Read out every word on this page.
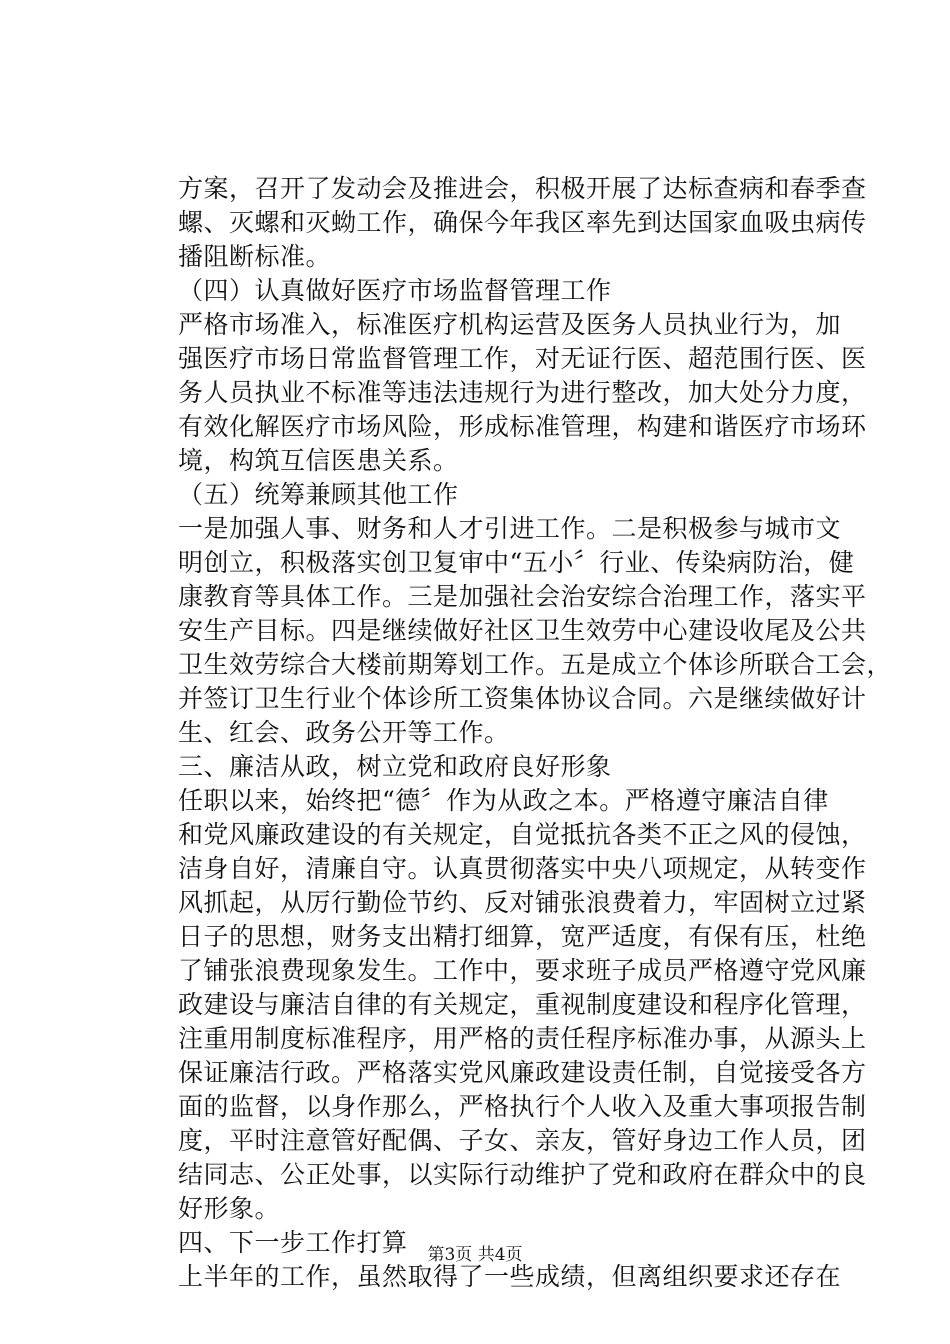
方案，召开了发动会及推进会，积极开展了达标查病和春季查
螺、灭螺和灭蚴工作，确保今年我区率先到达国家血吸虫病传
播阻断标准。
（四）认真做好医疗市场监督管理工作
严格市场准入，标准医疗机构运营及医务人员执业行为，加
强医疗市场日常监督管理工作，对无证行医、超范围行医、医
务人员执业不标准等违法违规行为进行整改，加大处分力度，
有效化解医疗市场风险，形成标准管理，构建和谐医疗市场环
境，构筑互信医患关系。
（五）统筹兼顾其他工作
一是加强人事、财务和人才引进工作。二是积极参与城市文
明创立，积极落实创卫复审中“五小〞行业、传染病防治，健
康教育等具体工作。三是加强社会治安综合治理工作，落实平
安生产目标。四是继续做好社区卫生效劳中心建设收尾及公共
卫生效劳综合大楼前期筹划工作。五是成立个体诊所联合工会，
并签订卫生行业个体诊所工资集体协议合同。六是继续做好计
生、红会、政务公开等工作。
三、廉洁从政，树立党和政府良好形象
任职以来，始终把“德〞作为从政之本。严格遵守廉洁自律
和党风廉政建设的有关规定，自觉抵抗各类不正之风的侵蚀，
洁身自好，清廉自守。认真贯彻落实中央八项规定，从转变作
风抓起，从厉行勤俭节约、反对铺张浪费着力，牢固树立过紧
日子的思想，财务支出精打细算，宽严适度，有保有压，杜绝
了铺张浪费现象发生。工作中，要求班子成员严格遵守党风廉
政建设与廉洁自律的有关规定，重视制度建设和程序化管理，
注重用制度标准程序，用严格的责任程序标准办事，从源头上
保证廉洁行政。严格落实党风廉政建设责任制，自觉接受各方
面的监督，以身作那么，严格执行个人收入及重大事项报告制
度，平时注意管好配偶、子女、亲友，管好身边工作人员，团
结同志、公正处事，以实际行动维护了党和政府在群众中的良
好形象。
四、下一步工作打算
上半年的工作，虽然取得了一些成绩，但离组织要求还存在
第3页 共4页
